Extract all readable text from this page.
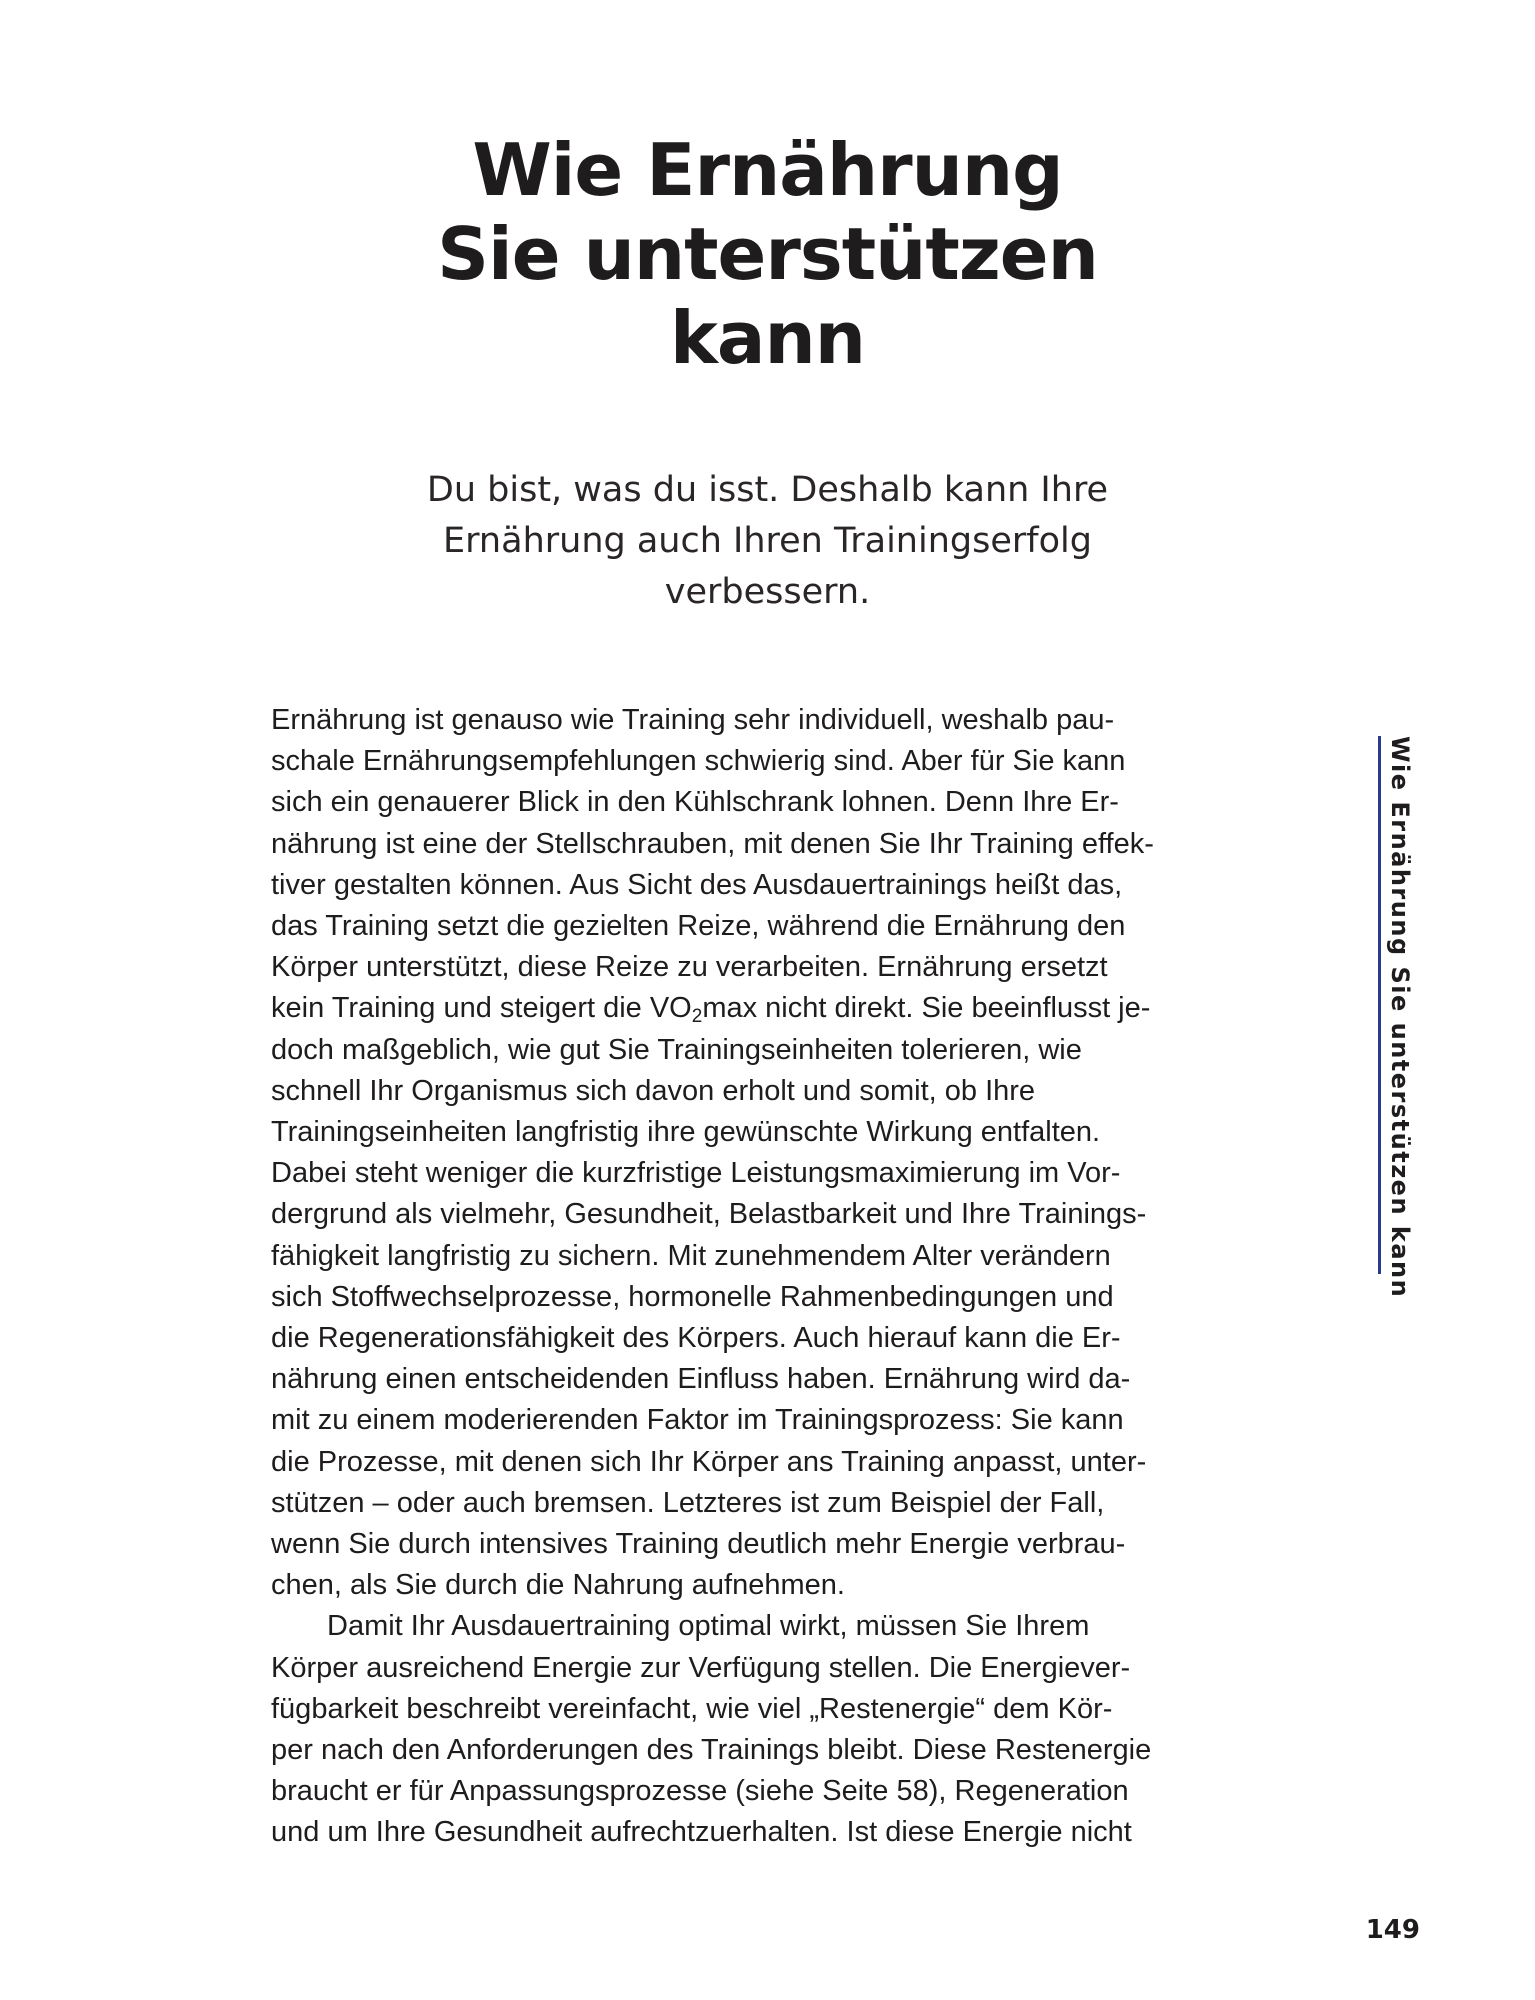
Wie Ernährung
Sie unterstützen
kann

Du bist, was du isst. Deshalb kann Ihre
Ernährung auch Ihren Trainingserfolg
verbessern.

Ernährung ist genauso wie Training sehr individuell, weshalb pau-
schale Ernährungsempfehlungen schwierig sind. Aber für Sie kann
sich ein genauerer Blick in den Kühlschrank lohnen. Denn Ihre Er-
nährung ist eine der Stellschrauben, mit denen Sie Ihr Training effek-
tiver gestalten können. Aus Sicht des Ausdauertrainings heißt das,
das Training setzt die gezielten Reize, während die Ernährung den
Körper unterstützt, diese Reize zu verarbeiten. Ernährung ersetzt
kein Training und steigert die $VO_2\max$ nicht direkt. Sie beeinflusst je-
doch maßgeblich, wie gut Sie Trainingseinheiten tolerieren, wie
schnell Ihr Organismus sich davon erholt und somit, ob Ihre
Trainingseinheiten langfristig ihre gewünschte Wirkung entfalten.
Dabei steht weniger die kurzfristige Leistungsmaximierung im Vor-
dergrund als vielmehr, Gesundheit, Belastbarkeit und Ihre Trainings-
fähigkeit langfristig zu sichern. Mit zunehmendem Alter verändern
sich Stoffwechselprozesse, hormonelle Rahmenbedingungen und
die Regenerationsfähigkeit des Körpers. Auch hierauf kann die Er-
nährung einen entscheidenden Einfluss haben. Ernährung wird da-
mit zu einem moderierenden Faktor im Trainingsprozess: Sie kann
die Prozesse, mit denen sich Ihr Körper ans Training anpasst, unter-
stützen – oder auch bremsen. Letzteres ist zum Beispiel der Fall,
wenn Sie durch intensives Training deutlich mehr Energie verbrau-
chen, als Sie durch die Nahrung aufnehmen.
Damit Ihr Ausdauertraining optimal wirkt, müssen Sie Ihrem
Körper ausreichend Energie zur Verfügung stellen. Die Energiever-
fügbarkeit beschreibt vereinfacht, wie viel „Restenergie“ dem Kör-
per nach den Anforderungen des Trainings bleibt. Diese Restenergie
braucht er für Anpassungsprozesse (siehe Seite 58), Regeneration
und um Ihre Gesundheit aufrechtzuerhalten. Ist diese Energie nicht
Wie Ernährung Sie unterstützen kann
149
